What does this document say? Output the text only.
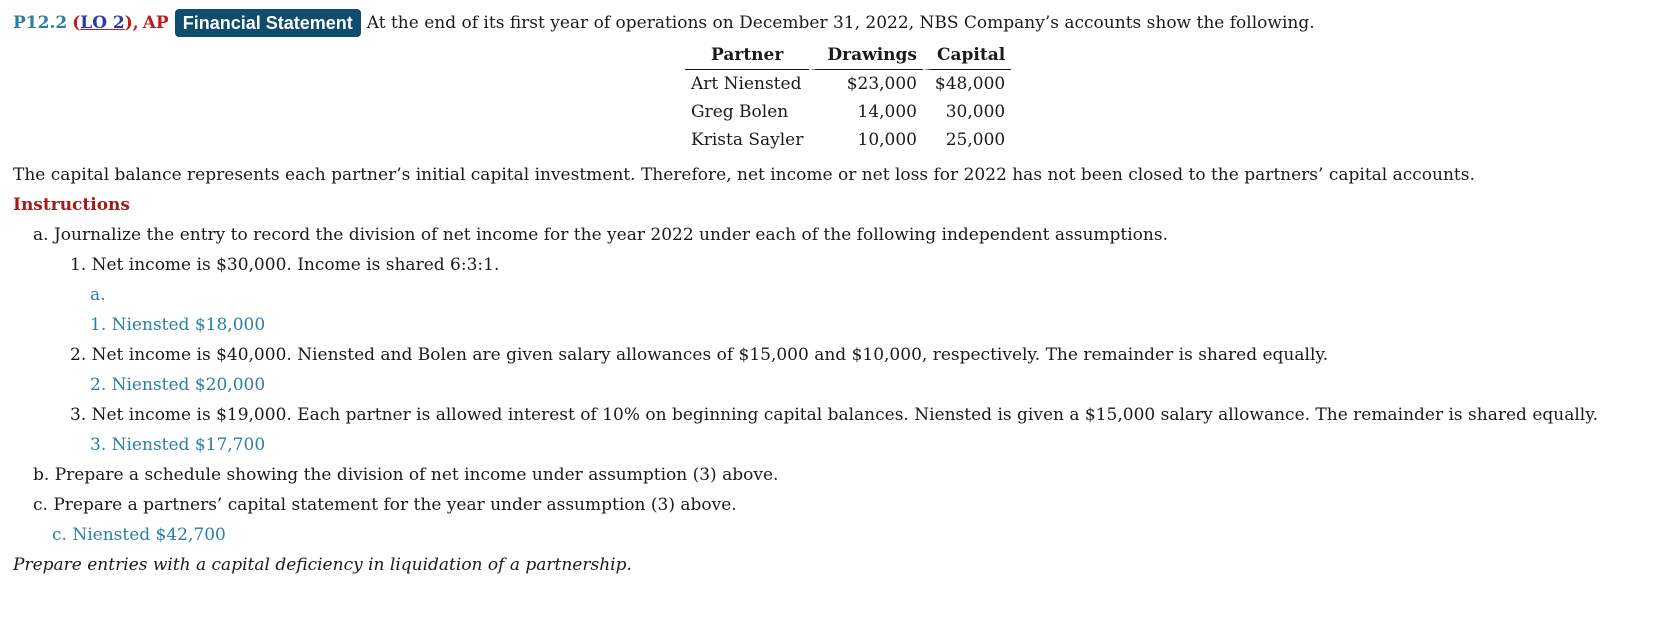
P12.2 ( LO 2 ), AP Financial Statement At the end of its first year of operations on December 31, 2022, NBS Company’s accounts show the following.
Partner	Drawings	Capital
Art Niensted	$23,000	$48,000
Greg Bolen	14,000	30,000
Krista Sayler	10,000	25,000
The capital balance represents each partner’s initial capital investment. Therefore, net income or net loss for 2022 has not been closed to the partners’ capital accounts.
Instructions
a. Journalize the entry to record the division of net income for the year 2022 under each of the following independent assumptions.
1. Net income is $30,000. Income is shared 6:3:1.
a.
1. Niensted $18,000
2. Net income is $40,000. Niensted and Bolen are given salary allowances of $15,000 and $10,000, respectively. The remainder is shared equally.
2. Niensted $20,000
3. Net income is $19,000. Each partner is allowed interest of 10% on beginning capital balances. Niensted is given a $15,000 salary allowance. The remainder is shared equally.
3. Niensted $17,700
b. Prepare a schedule showing the division of net income under assumption (3) above.
c. Prepare a partners’ capital statement for the year under assumption (3) above.
c. Niensted $42,700
Prepare entries with a capital deficiency in liquidation of a partnership.
